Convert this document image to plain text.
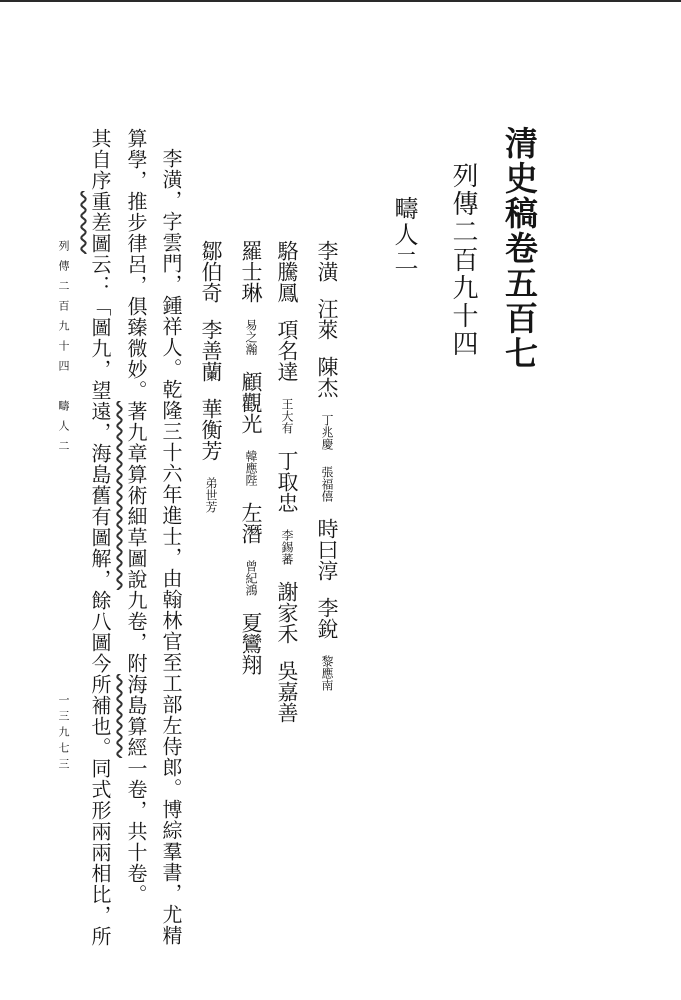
清史稿卷五百七
列傳二百九十四
疇人二
李潢汪萊陳杰丁兆慶張福僖時曰淳李銳黎應南
駱騰鳳項名達王大有丁取忠李錫蕃謝家禾吳嘉善
羅士琳易之瀚顧觀光韓應陛左潛曾紀鴻夏鸞翔
鄒伯奇李善蘭華衡芳弟世芳
李潢，字雲門，鍾祥人。乾隆三十六年進士，由翰林官至工部左侍郎。博綜羣書，尤精
算學，推步律呂，俱臻微妙。著九章算術細草圖說九卷，附海島算經一卷，共十卷。
其自序重差圖云：「圖九，望遠，海島舊有圖解，餘八圖今所補也。同式形兩兩相比，所
列傳二百九十四　疇人二
一三九七三
